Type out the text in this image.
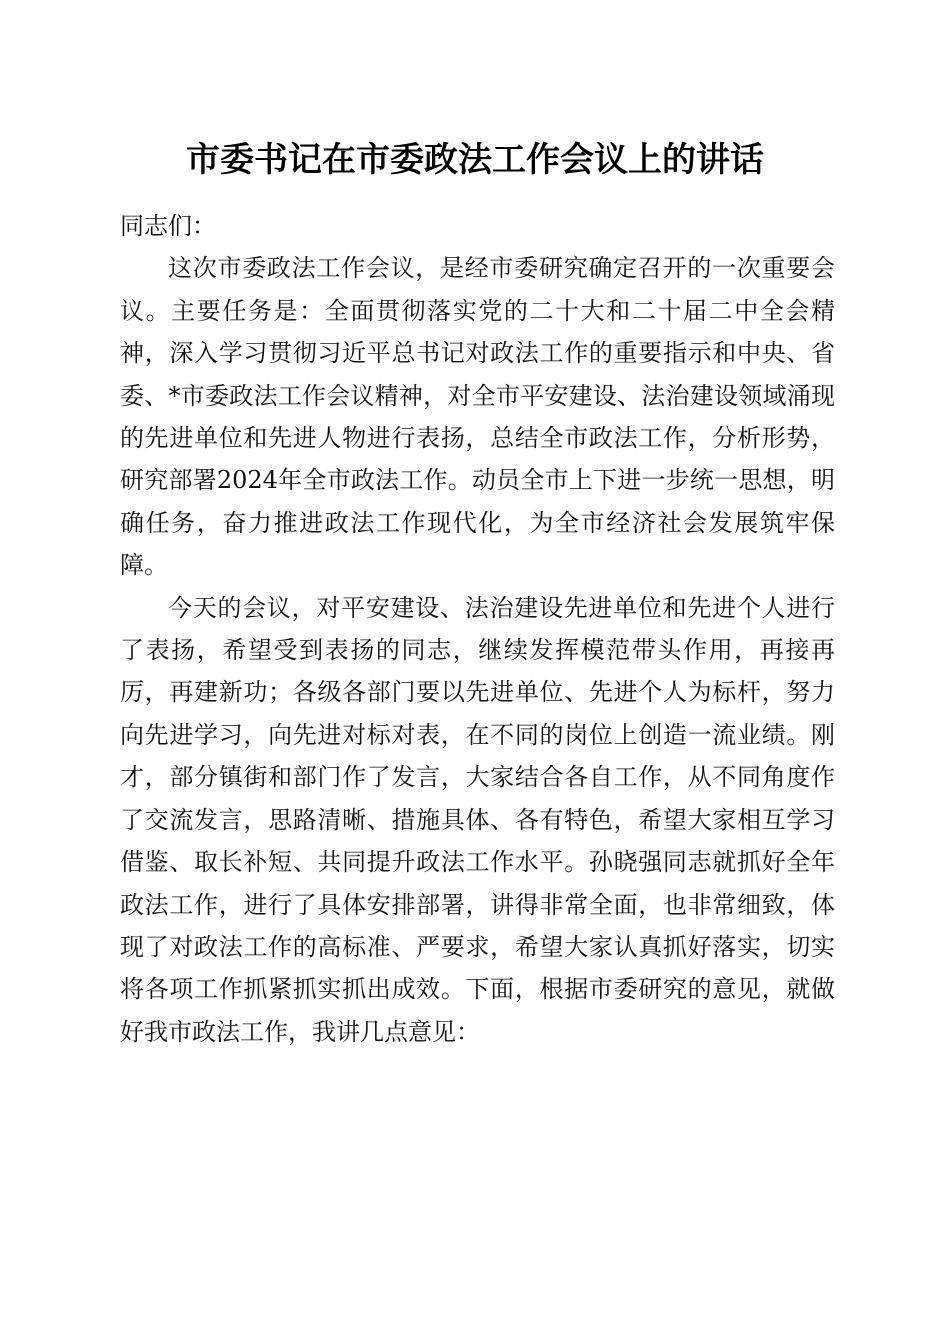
市委书记在市委政法工作会议上的讲话

同志们：

这次市委政法工作会议，是经市委研究确定召开的一次重要会议。主要任务是：全面贯彻落实党的二十大和二十届二中全会精神，深入学习贯彻习近平总书记对政法工作的重要指示和中央、省委、*市委政法工作会议精神，对全市平安建设、法治建设领域涌现的先进单位和先进人物进行表扬，总结全市政法工作，分析形势，研究部署2024年全市政法工作。动员全市上下进一步统一思想，明确任务，奋力推进政法工作现代化，为全市经济社会发展筑牢保障。

今天的会议，对平安建设、法治建设先进单位和先进个人进行了表扬，希望受到表扬的同志，继续发挥模范带头作用，再接再厉，再建新功；各级各部门要以先进单位、先进个人为标杆，努力向先进学习，向先进对标对表，在不同的岗位上创造一流业绩。刚才，部分镇街和部门作了发言，大家结合各自工作，从不同角度作了交流发言，思路清晰、措施具体、各有特色，希望大家相互学习借鉴、取长补短、共同提升政法工作水平。孙晓强同志就抓好全年政法工作，进行了具体安排部署，讲得非常全面，也非常细致，体现了对政法工作的高标准、严要求，希望大家认真抓好落实，切实将各项工作抓紧抓实抓出成效。下面，根据市委研究的意见，就做好我市政法工作，我讲几点意见：
